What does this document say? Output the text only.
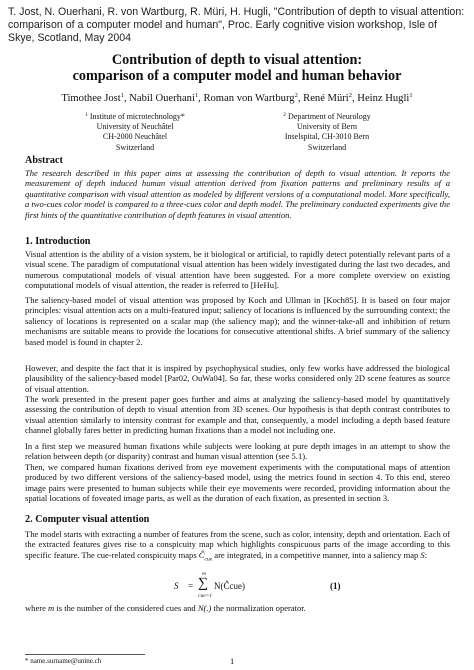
T. Jost, N. Ouerhani, R. von Wartburg, R. Müri, H. Hugli, "Contribution of depth to visual attention: comparison of a computer model and human", Proc. Early cognitive vision workshop, Isle of Skye, Scotland, May 2004
Contribution of depth to visual attention:
comparison of a computer model and human behavior
Timothee Jost$^1$, Nabil Ouerhani$^1$, Roman von Wartburg$^2$, René Müri$^2$, Heinz Hugli$^1$
$^1$ Institute of microtechnology*
University of Neuchâtel
CH-2000 Neuchâtel
Switzerland
$^2$ Department of Neurology
University of Bern
Inselspital, CH-3010 Bern
Switzerland
Abstract
The research described in this paper aims at assessing the contribution of depth to visual attention. It reports the measurement of depth induced human visual attention derived from fixation patterns and preliminary results of a quantitative comparison with visual attention as modeled by different versions of a computational model. More specifically, a two-cues color model is compared to a three-cues color and depth model. The preliminary conducted experiments give the first hints of the quantitative contribution of depth features in visual attention.
1. Introduction
Visual attention is the ability of a vision system, be it biological or artificial, to rapidly detect potentially relevant parts of a visual scene. The paradigm of computational visual attention has been widely investigated during the last two decades, and numerous computational models of visual attention have been suggested. For a more complete overview on existing computational models of visual attention, the reader is referred to [HeHu].
The saliency-based model of visual attention was proposed by Koch and Ullman in [Koch85]. It is based on four major principles: visual attention acts on a multi-featured input; saliency of locations is influenced by the surrounding context; the saliency of locations is represented on a scalar map (the saliency map); and the winner-take-all and inhibition of return mechanisms are suitable means to provide the locations for consecutive attentional shifts. A brief summary of the saliency based model is found in chapter 2.
However, and despite the fact that it is inspired by psychophysical studies, only few works have addressed the biological plausibility of the saliency-based model [Par02, OuWa04]. So far, these works considered only 2D scene features as source of visual attention.
The work presented in the present paper goes further and aims at analyzing the saliency-based model by quantitatively assessing the contribution of depth to visual attention from 3D scenes. Our hypothesis is that depth contrast contributes to visual attention similarly to intensity contrast for example and that, consequently, a model including a depth based feature channel globally fares better in predicting human fixations than a model not including one.
In a first step we measured human fixations while subjects were looking at pure depth images in an attempt to show the relation between depth (or disparity) contrast and human visual attention (see 5.1).
Then, we compared human fixations derived from eye movement experiments with the computational maps of attention produced by two different versions of the saliency-based model, using the metrics found in section 4. To this end, stereo image pairs were presented to human subjects while their eye movements were recorded, providing information about the spatial locations of foveated image parts, as well as the duration of each fixation, as presented in section 3.
2. Computer visual attention
The model starts with extracting a number of features from the scene, such as color, intensity, depth and orientation. Each of the extracted features gives rise to a conspicuity map which highlights conspicuous parts of the image according to this specific feature. The cue-related conspicuity maps $Ĉ_{cue}$ are integrated, in a competitive manner, into a saliency map S:
S =
m
∑
cue=1
N(Ĉcue)	(1)
where m is the number of the considered cues and N(.) the normalization operator.
* name.surname@unine.ch	1
